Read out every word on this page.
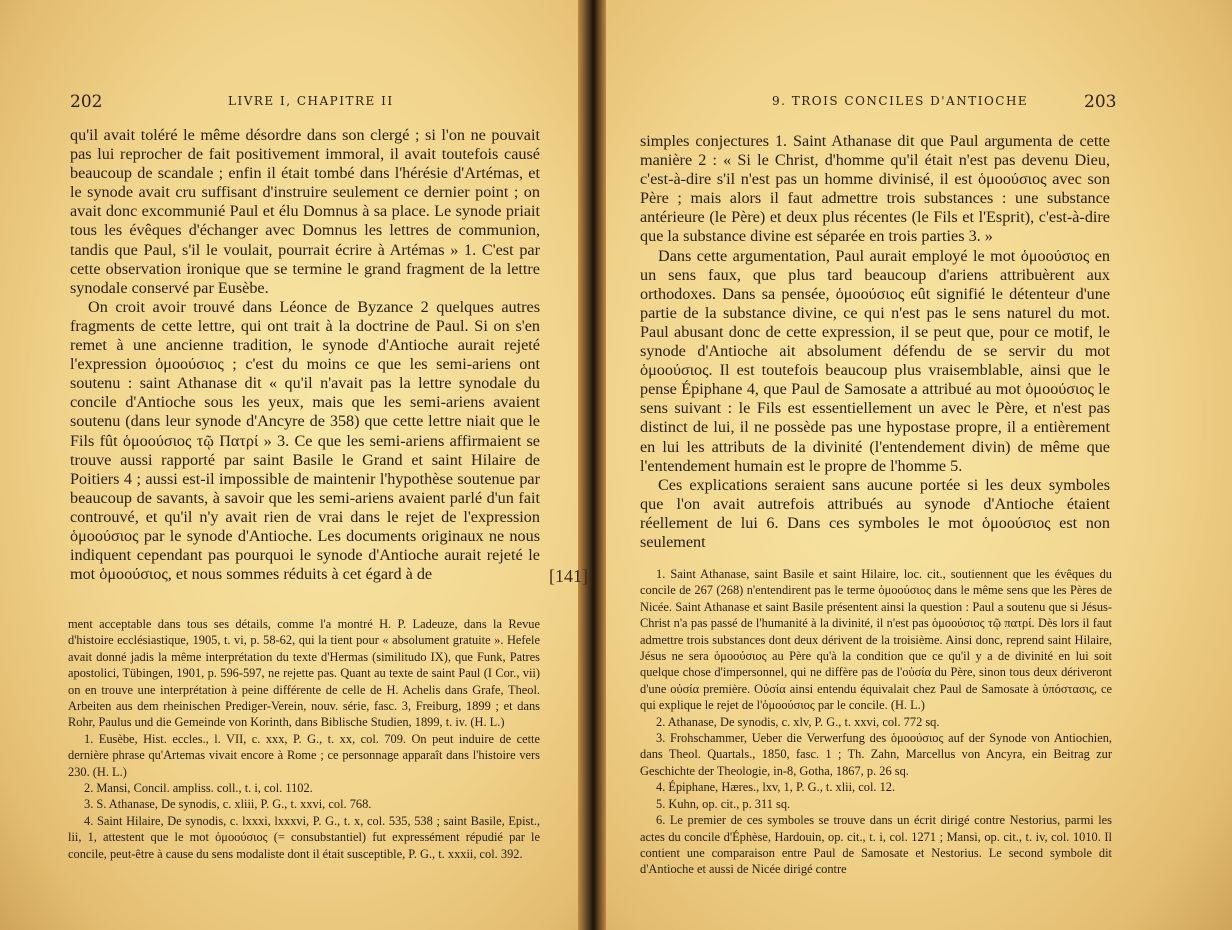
202	LIVRE I, CHAPITRE II

qu'il avait toléré le même désordre dans son clergé ; si l'on ne pouvait pas lui reprocher de fait positivement immoral, il avait toutefois causé beaucoup de scandale ; enfin il était tombé dans l'hérésie d'Artémas, et le synode avait cru suffisant d'instruire seulement ce dernier point ; on avait donc excommunié Paul et élu Domnus à sa place. Le synode priait tous les évêques d'échanger avec Domnus les lettres de communion, tandis que Paul, s'il le voulait, pourrait écrire à Artémas » 1. C'est par cette observation ironique que se termine le grand fragment de la lettre synodale conservé par Eusèbe.

On croit avoir trouvé dans Léonce de Byzance 2 quelques autres fragments de cette lettre, qui ont trait à la doctrine de Paul. Si on s'en remet à une ancienne tradition, le synode d'Antioche aurait rejeté l'expression ὁμοούσιος ; c'est du moins ce que les semi-ariens ont soutenu : saint Athanase dit « qu'il n'avait pas la lettre synodale du concile d'Antioche sous les yeux, mais que les semi-ariens avaient soutenu (dans leur synode d'Ancyre de 358) que cette lettre niait que le Fils fût ὁμοούσιος τῷ Πατρί » 3. Ce que les semi-ariens affirmaient se trouve aussi rapporté par saint Basile le Grand et saint Hilaire de Poitiers 4 ; aussi est-il impossible de maintenir l'hypothèse soutenue par beaucoup de savants, à savoir que les semi-ariens avaient parlé d'un fait controuvé, et qu'il n'y avait rien de vrai dans le rejet de l'expression ὁμοούσιος par le synode d'Antioche. Les documents originaux ne nous indiquent cependant pas pourquoi le synode d'Antioche aurait rejeté le mot ὁμοούσιος, et nous sommes réduits à cet égard à de

ment acceptable dans tous ses détails, comme l'a montré H. P. Ladeuze, dans la Revue d'histoire ecclésiastique, 1905, t. vi, p. 58-62, qui la tient pour « absolument gratuite ». Hefele avait donné jadis la même interprétation du texte d'Hermas (similitudo IX), que Funk, Patres apostolici, Tübingen, 1901, p. 596-597, ne rejette pas. Quant au texte de saint Paul (I Cor., vii) on en trouve une interprétation à peine différente de celle de H. Achelis dans Grafe, Theol. Arbeiten aus dem rheinischen Prediger-Verein, nouv. série, fasc. 3, Freiburg, 1899 ; et dans Rohr, Paulus und die Gemeinde von Korinth, dans Biblische Studien, 1899, t. iv. (H. L.)

1. Eusèbe, Hist. eccles., l. VII, c. xxx, P. G., t. xx, col. 709. On peut induire de cette dernière phrase qu'Artemas vivait encore à Rome ; ce personnage apparaît dans l'histoire vers 230. (H. L.)

2. Mansi, Concil. ampliss. coll., t. i, col. 1102.

3. S. Athanase, De synodis, c. xliii, P. G., t. xxvi, col. 768.

4. Saint Hilaire, De synodis, c. lxxxi, lxxxvi, P. G., t. x, col. 535, 538 ; saint Basile, Epist., lii, 1, attestent que le mot ὁμοούσιος (= consubstantiel) fut expressément répudié par le concile, peut-être à cause du sens modaliste dont il était susceptible, P. G., t. xxxii, col. 392.

9. TROIS CONCILES D'ANTIOCHE	203

simples conjectures 1. Saint Athanase dit que Paul argumenta de cette manière 2 : « Si le Christ, d'homme qu'il était n'est pas devenu Dieu, c'est-à-dire s'il n'est pas un homme divinisé, il est ὁμοούσιος avec son Père ; mais alors il faut admettre trois substances : une substance antérieure (le Père) et deux plus récentes (le Fils et l'Esprit), c'est-à-dire que la substance divine est séparée en trois parties 3. »

Dans cette argumentation, Paul aurait employé le mot ὁμοούσιος en un sens faux, que plus tard beaucoup d'ariens attribuèrent aux orthodoxes. Dans sa pensée, ὁμοούσιος eût signifié le détenteur d'une partie de la substance divine, ce qui n'est pas le sens naturel du mot. Paul abusant donc de cette expression, il se peut que, pour ce motif, le synode d'Antioche ait absolument défendu de se servir du mot ὁμοούσιος. Il est toutefois beaucoup plus vraisemblable, ainsi que le pense Épiphane 4, que Paul de Samosate a attribué au mot ὁμοούσιος le sens suivant : le Fils est essentiellement un avec le Père, et n'est pas distinct de lui, il ne possède pas une hypostase propre, il a entièrement en lui les attributs de la divinité (l'entendement divin) de même que l'entendement humain est le propre de l'homme 5.

Ces explications seraient sans aucune portée si les deux symboles que l'on avait autrefois attribués au synode d'Antioche étaient réellement de lui 6. Dans ces symboles le mot ὁμοούσιος est non seulement

1. Saint Athanase, saint Basile et saint Hilaire, loc. cit., soutiennent que les évêques du concile de 267 (268) n'entendirent pas le terme ὁμοούσιος dans le même sens que les Pères de Nicée. Saint Athanase et saint Basile présentent ainsi la question : Paul a soutenu que si Jésus-Christ n'a pas passé de l'humanité à la divinité, il n'est pas ὁμοούσιος τῷ πατρί. Dès lors il faut admettre trois substances dont deux dérivent de la troisième. Ainsi donc, reprend saint Hilaire, Jésus ne sera ὁμοούσιος au Père qu'à la condition que ce qu'il y a de divinité en lui soit quelque chose d'impersonnel, qui ne diffère pas de l'οὐσία du Père, sinon tous deux dériveront d'une οὐσία première. Οὐσία ainsi entendu équivalait chez Paul de Samosate à ὑπόστασις, ce qui explique le rejet de l'ὁμοούσιος par le concile. (H. L.)

2. Athanase, De synodis, c. xlv, P. G., t. xxvi, col. 772 sq.

3. Frohschammer, Ueber die Verwerfung des ὁμοούσιος auf der Synode von Antiochien, dans Theol. Quartals., 1850, fasc. 1 ; Th. Zahn, Marcellus von Ancyra, ein Beitrag zur Geschichte der Theologie, in-8, Gotha, 1867, p. 26 sq.

4. Épiphane, Hæres., lxv, 1, P. G., t. xlii, col. 12.

5. Kuhn, op. cit., p. 311 sq.

6. Le premier de ces symboles se trouve dans un écrit dirigé contre Nestorius, parmi les actes du concile d'Éphèse, Hardouin, op. cit., t. i, col. 1271 ; Mansi, op. cit., t. iv, col. 1010. Il contient une comparaison entre Paul de Samosate et Nestorius. Le second symbole dit d'Antioche et aussi de Nicée dirigé contre

[141]
